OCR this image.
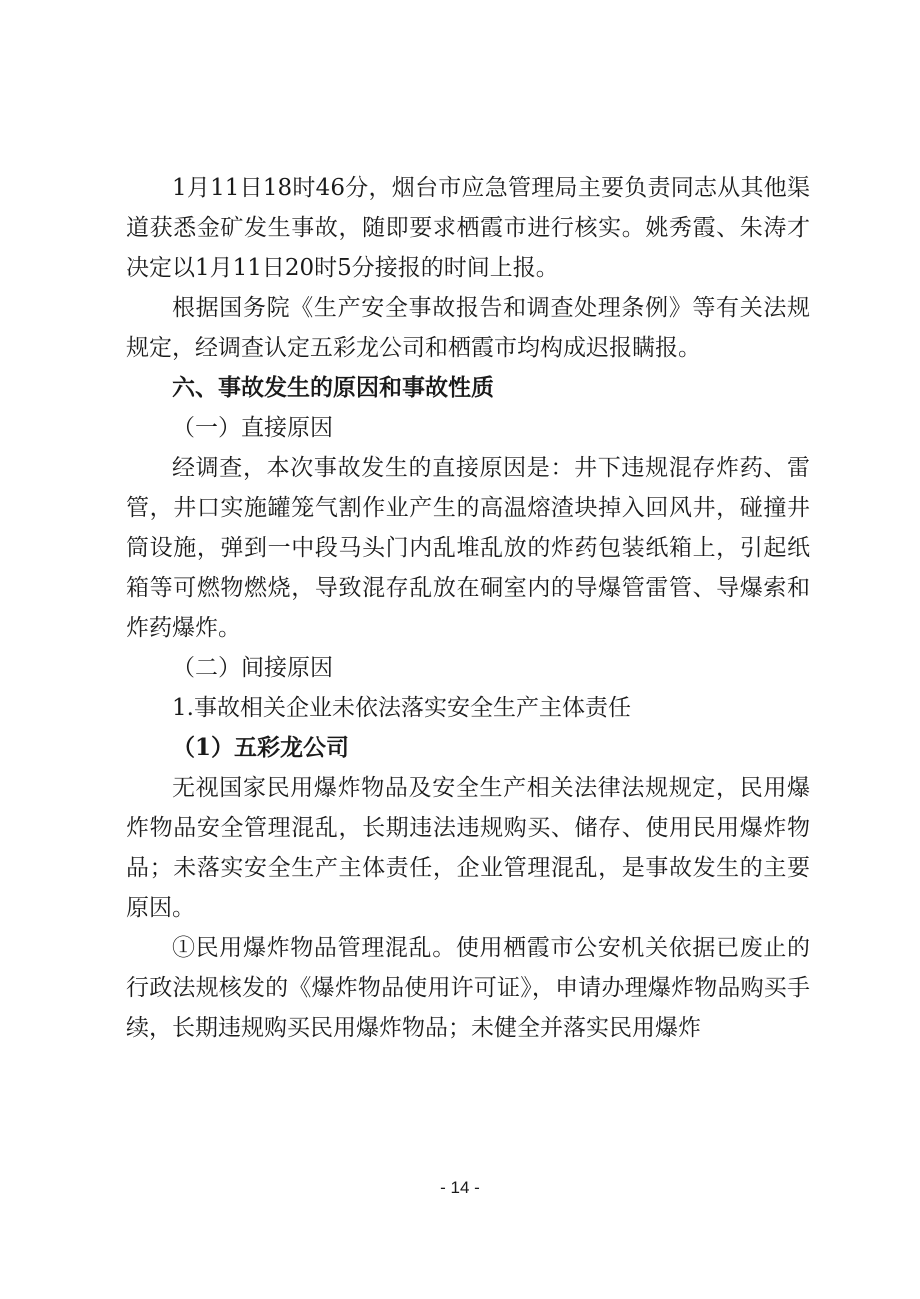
1月11日18时46分，烟台市应急管理局主要负责同志从其他渠道获悉金矿发生事故，随即要求栖霞市进行核实。姚秀霞、朱涛才决定以1月11日20时5分接报的时间上报。

根据国务院《生产安全事故报告和调查处理条例》等有关法规规定，经调查认定五彩龙公司和栖霞市均构成迟报瞒报。

六、事故发生的原因和事故性质

（一）直接原因

经调查，本次事故发生的直接原因是：井下违规混存炸药、雷管，井口实施罐笼气割作业产生的高温熔渣块掉入回风井，碰撞井筒设施，弹到一中段马头门内乱堆乱放的炸药包装纸箱上，引起纸箱等可燃物燃烧，导致混存乱放在硐室内的导爆管雷管、导爆索和炸药爆炸。

（二）间接原因

1.事故相关企业未依法落实安全生产主体责任

（1）五彩龙公司

无视国家民用爆炸物品及安全生产相关法律法规规定，民用爆炸物品安全管理混乱，长期违法违规购买、储存、使用民用爆炸物品；未落实安全生产主体责任，企业管理混乱，是事故发生的主要原因。

①民用爆炸物品管理混乱。使用栖霞市公安机关依据已废止的行政法规核发的《爆炸物品使用许可证》，申请办理爆炸物品购买手续，长期违规购买民用爆炸物品；未健全并落实民用爆炸

- 14 -
